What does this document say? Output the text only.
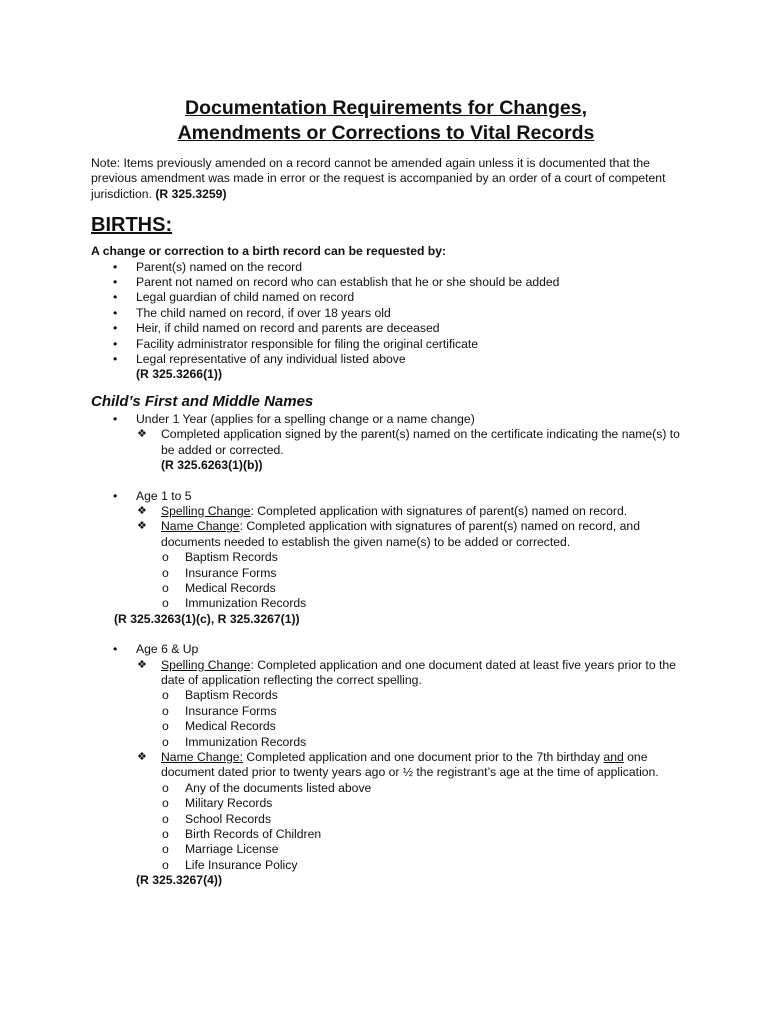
Documentation Requirements for Changes,
Amendments or Corrections to Vital Records

Note: Items previously amended on a record cannot be amended again unless it is documented that the previous amendment was made in error or the request is accompanied by an order of a court of competent jurisdiction. (R 325.3259)

BIRTHS:

A change or correction to a birth record can be requested by:

• Parent(s) named on the record
• Parent not named on record who can establish that he or she should be added
• Legal guardian of child named on record
• The child named on record, if over 18 years old
• Heir, if child named on record and parents are deceased
• Facility administrator responsible for filing the original certificate
• Legal representative of any individual listed above
(R 325.3266(1))
Child’s First and Middle Names
• Under 1 Year (applies for a spelling change or a name change)
❖ Completed application signed by the parent(s) named on the certificate indicating the name(s) to be added or corrected.
(R 325.6263(1)(b))
• Age 1 to 5
❖ Spelling Change: Completed application with signatures of parent(s) named on record.
❖ Name Change: Completed application with signatures of parent(s) named on record, and documents needed to establish the given name(s) to be added or corrected.
o Baptism Records
o Insurance Forms
o Medical Records
o Immunization Records
(R 325.3263(1)(c), R 325.3267(1))
• Age 6 & Up
❖ Spelling Change: Completed application and one document dated at least five years prior to the date of application reflecting the correct spelling.
o Baptism Records
o Insurance Forms
o Medical Records
o Immunization Records
❖ Name Change: Completed application and one document prior to the 7th birthday and one document dated prior to twenty years ago or ½ the registrant’s age at the time of application.
o Any of the documents listed above
o Military Records
o School Records
o Birth Records of Children
o Marriage License
o Life Insurance Policy
(R 325.3267(4))
